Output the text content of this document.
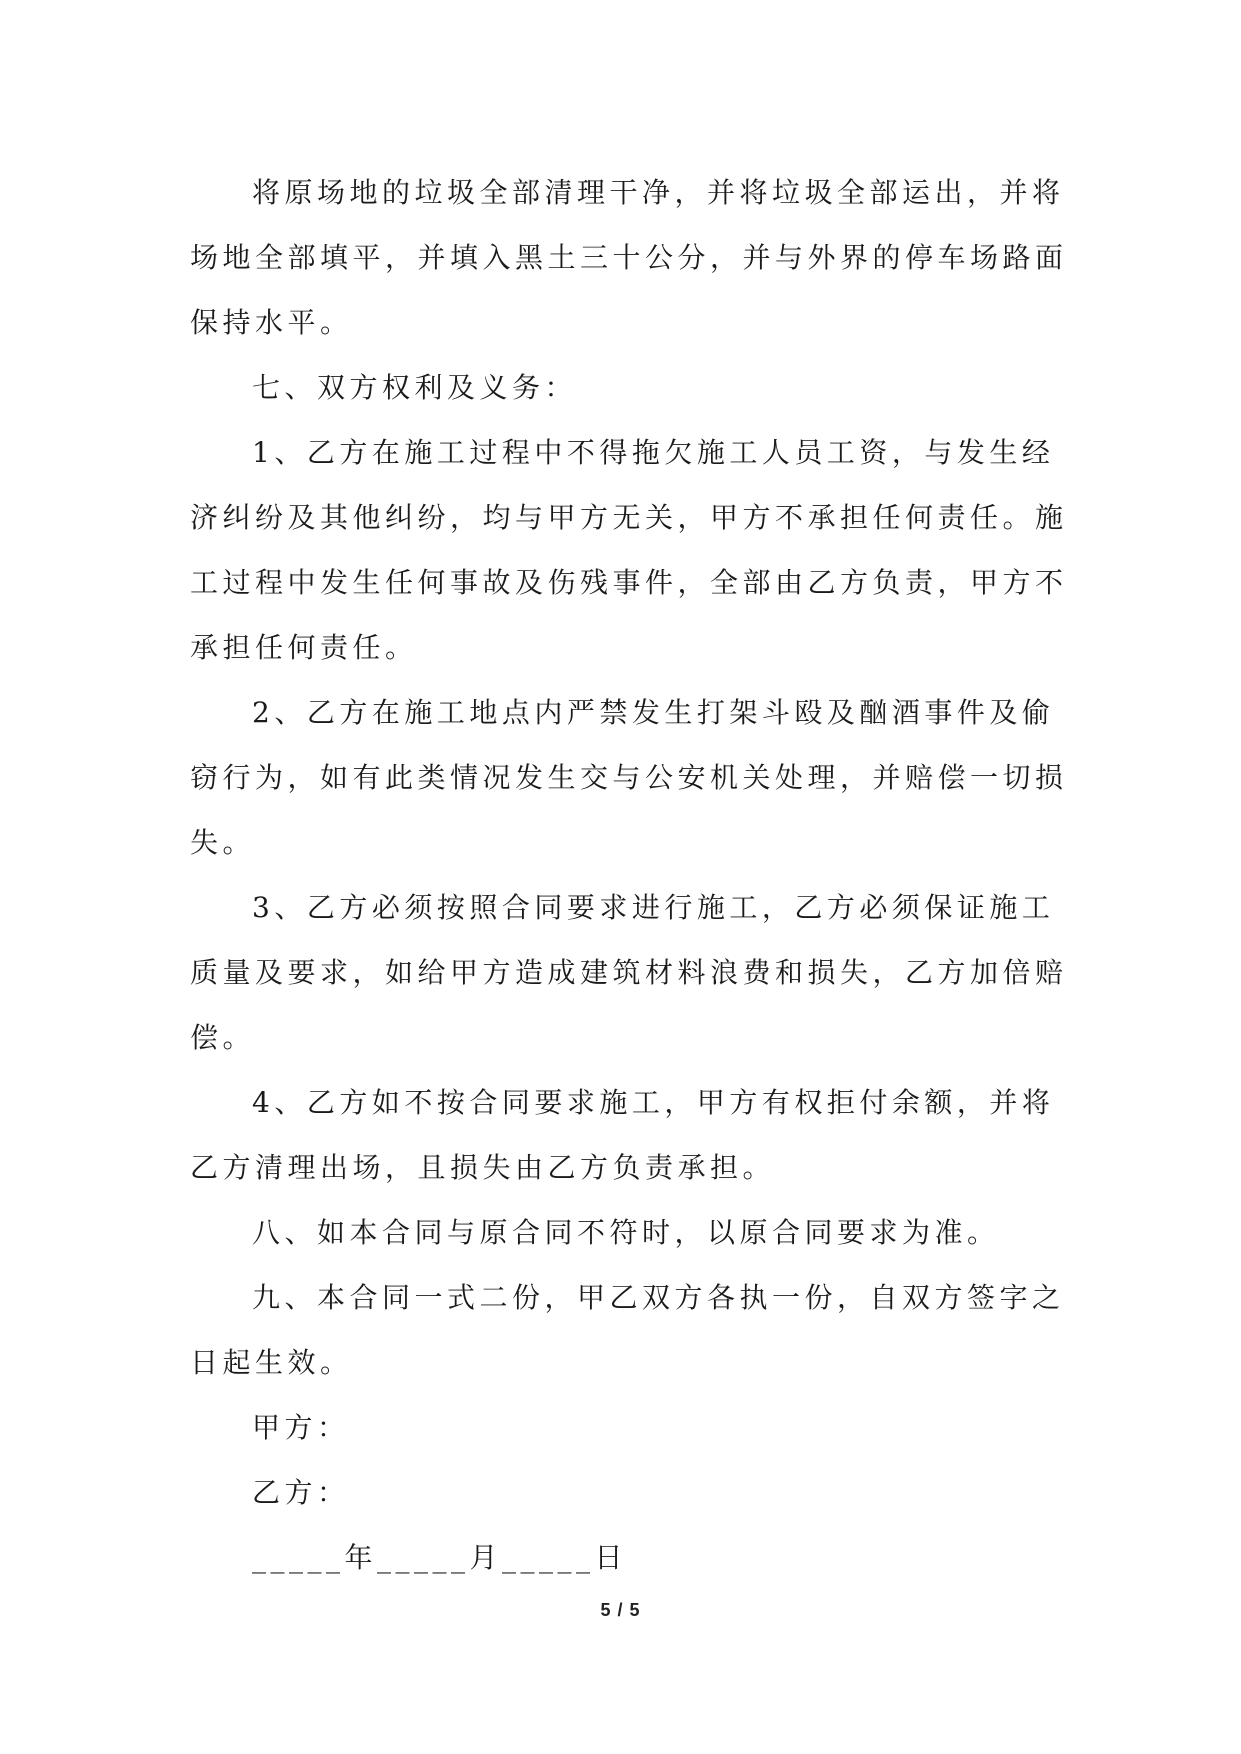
将原场地的垃圾全部清理干净，并将垃圾全部运出，并将场地全部填平，并填入黑土三十公分，并与外界的停车场路面保持水平。

七、双方权利及义务：

1、乙方在施工过程中不得拖欠施工人员工资，与发生经济纠纷及其他纠纷，均与甲方无关，甲方不承担任何责任。施工过程中发生任何事故及伤残事件，全部由乙方负责，甲方不承担任何责任。

2、乙方在施工地点内严禁发生打架斗殴及酗酒事件及偷窃行为，如有此类情况发生交与公安机关处理，并赔偿一切损失。

3、乙方必须按照合同要求进行施工，乙方必须保证施工质量及要求，如给甲方造成建筑材料浪费和损失，乙方加倍赔偿。

4、乙方如不按合同要求施工，甲方有权拒付余额，并将乙方清理出场，且损失由乙方负责承担。

八、如本合同与原合同不符时，以原合同要求为准。

九、本合同一式二份，甲乙双方各执一份，自双方签字之日起生效。

甲方：

乙方：

_____年_____月_____日

5 / 5
